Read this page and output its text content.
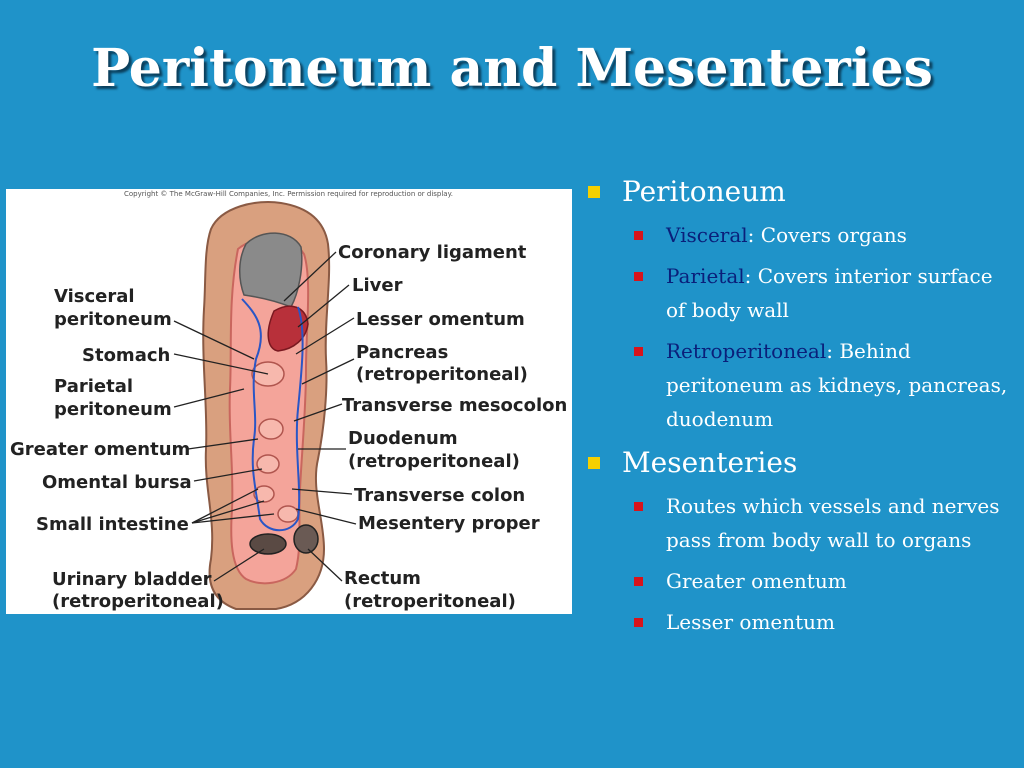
Peritoneum and Mesenteries
Copyright © The McGraw-Hill Companies, Inc. Permission required for reproduction or display.
Visceral
peritoneum
Stomach
Parietal
peritoneum
Greater omentum
Omental bursa
Small intestine
Urinary bladder
(retroperitoneal)
Coronary ligament
Liver
Lesser omentum
Pancreas
(retroperitoneal)
Transverse mesocolon
Duodenum
(retroperitoneal)
Transverse colon
Mesentery proper
Rectum
(retroperitoneal)
Peritoneum
Visceral: Covers organs
Parietal: Covers interior surface of body wall
Retroperitoneal: Behind peritoneum as kidneys, pancreas, duodenum
Mesenteries
Routes which vessels and nerves pass from body wall to organs
Greater omentum
Lesser omentum
